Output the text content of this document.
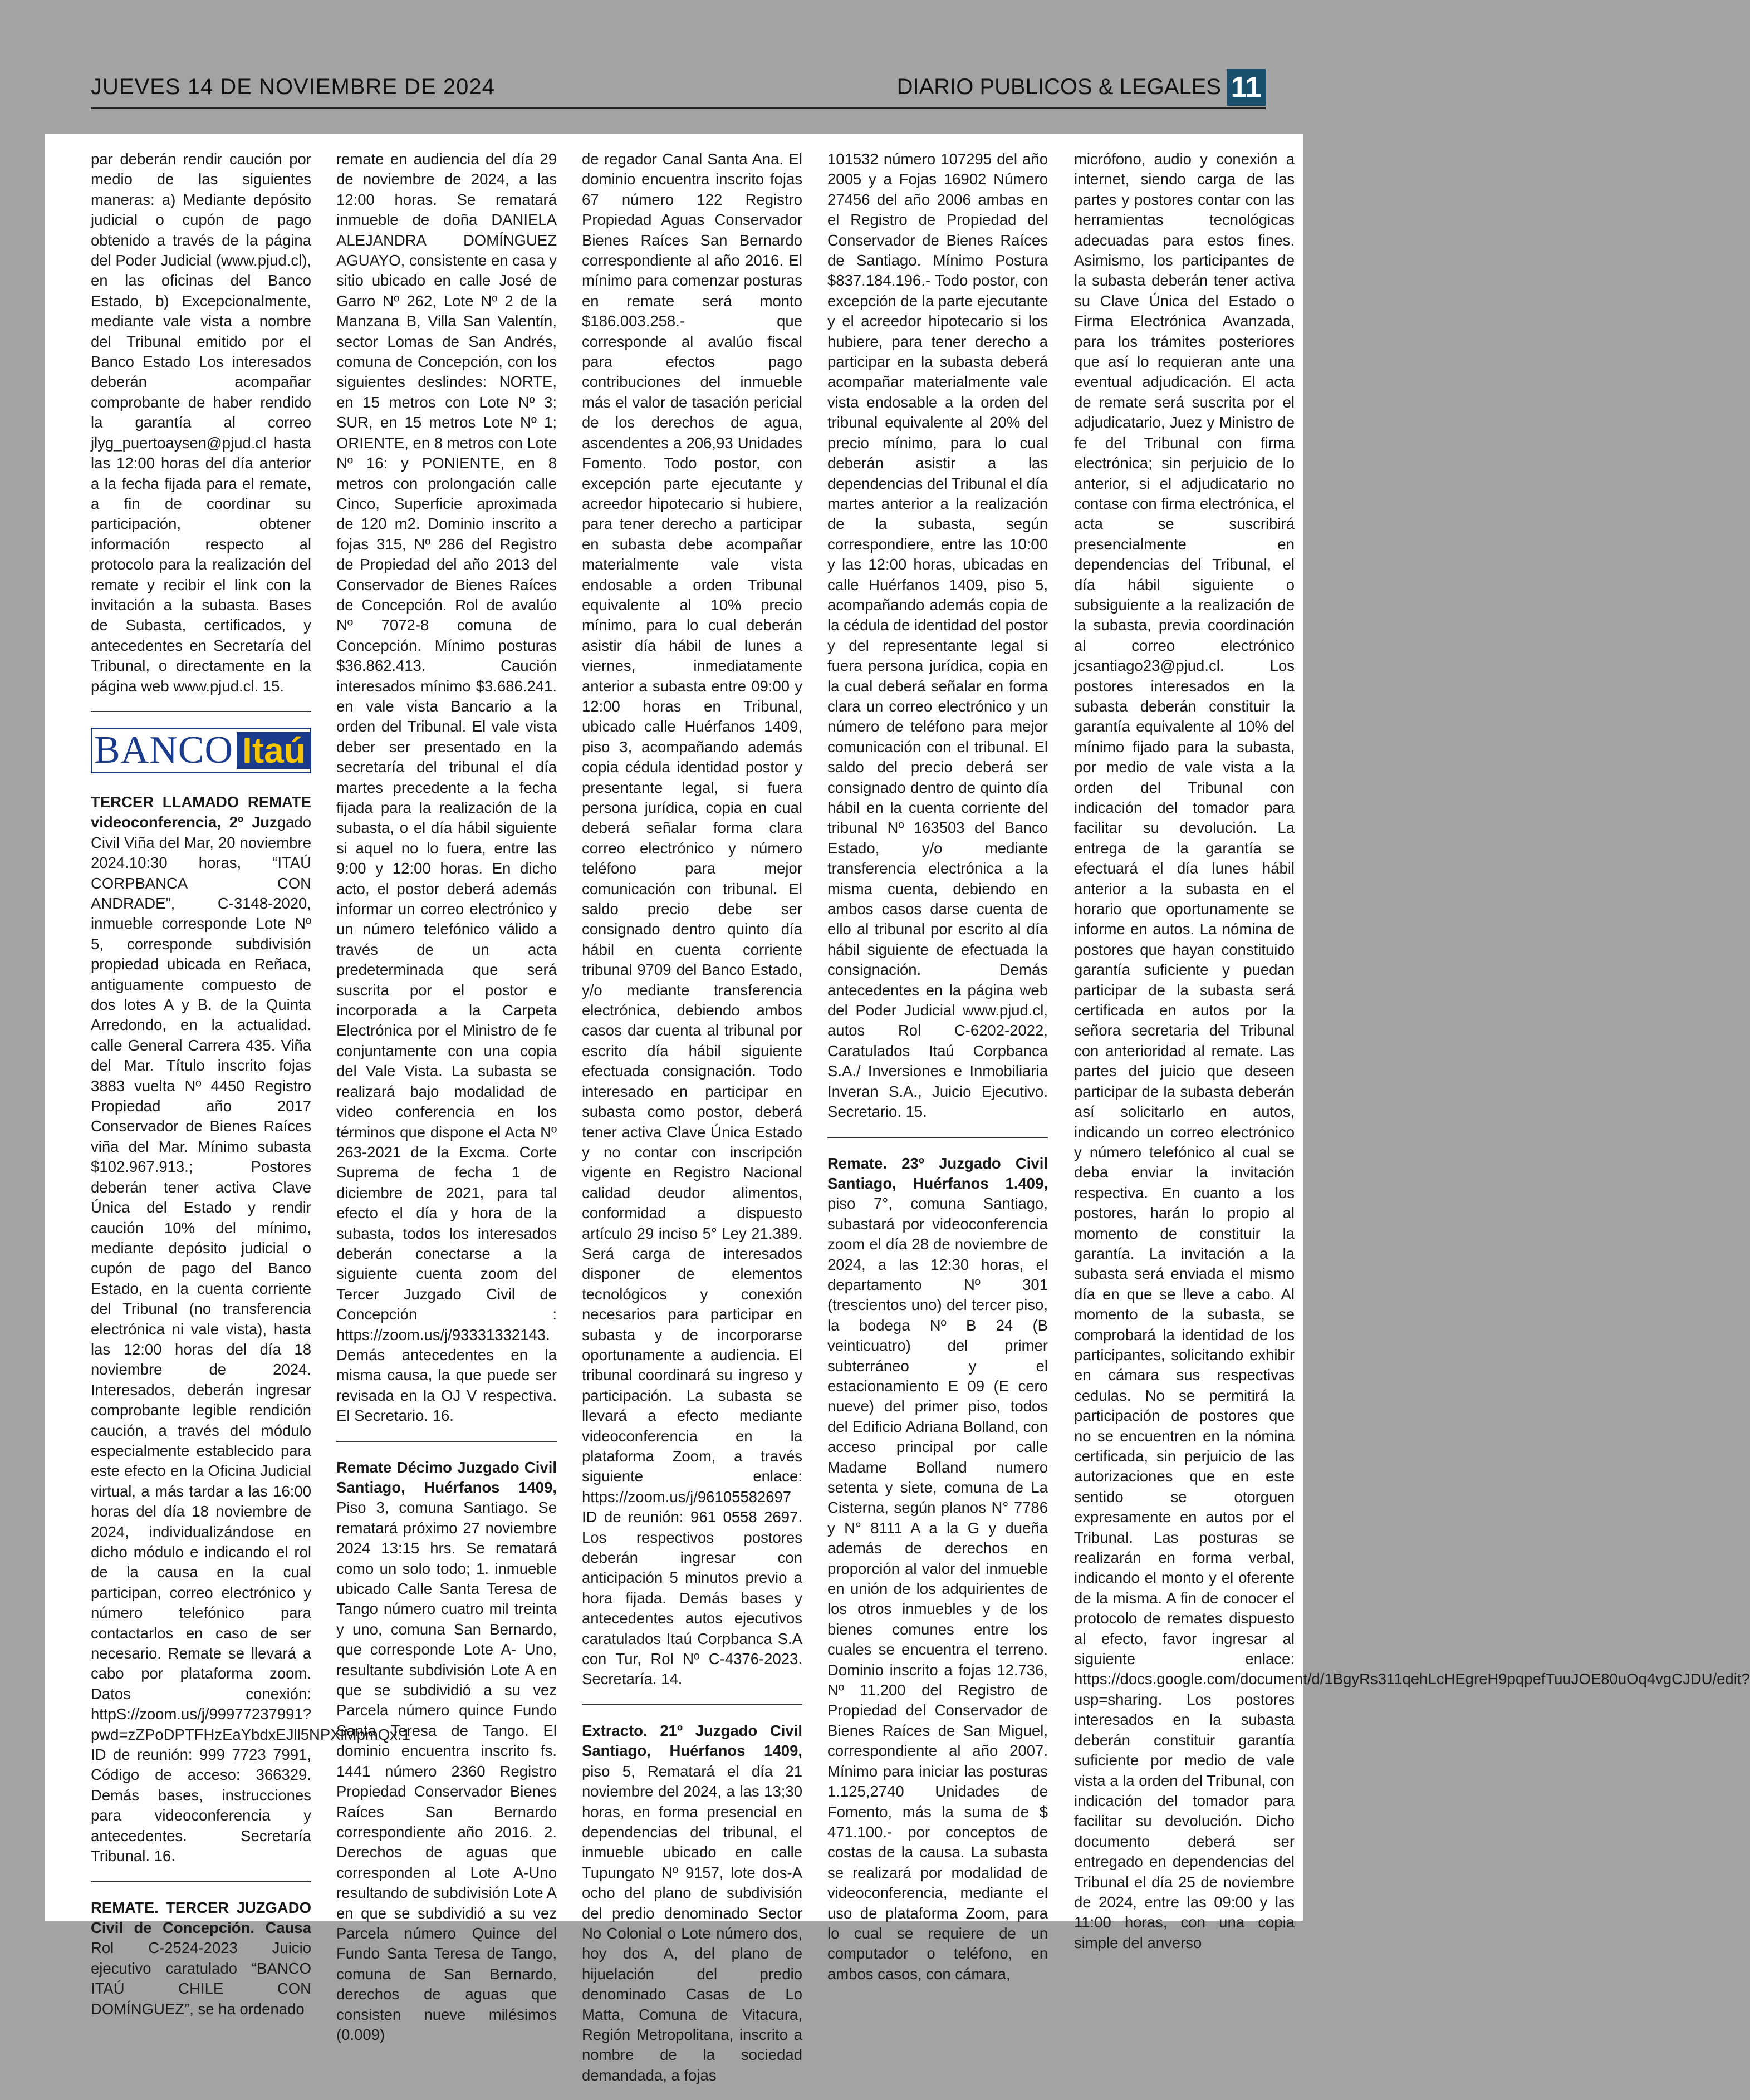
JUEVES 14 DE NOVIEMBRE DE 2024	DIARIO PUBLICOS & LEGALES 11

par deberán rendir caución por medio de las siguientes maneras: a) Mediante depósito judicial o cupón de pago obtenido a través de la página del Poder Judicial (www.pjud.cl), en las oficinas del Banco Estado, b) Excepcionalmente, mediante vale vista a nombre del Tribunal emitido por el Banco Estado Los interesados deberán acompañar comprobante de haber rendido la garantía al correo jlyg_puertoaysen@pjud.cl hasta las 12:00 horas del día anterior a la fecha fijada para el remate, a fin de coordinar su participación, obtener información respecto al protocolo para la realización del remate y recibir el link con la invitación a la subasta. Bases de Subasta, certificados, y antecedentes en Secretaría del Tribunal, o directamente en la página web www.pjud.cl. 15.

BANCO Itaú

TERCER LLAMADO REMATE videoconferencia, 2º Juzgado Civil Viña del Mar, 20 noviembre 2024.10:30 horas, “ITAÚ CORPBANCA CON ANDRADE”, C-3148-2020, inmueble corresponde Lote Nº 5, corresponde subdivisión propiedad ubicada en Reñaca, antiguamente compuesto de dos lotes A y B. de la Quinta Arredondo, en la actualidad. calle General Carrera 435. Viña del Mar. Título inscrito fojas 3883 vuelta Nº 4450 Registro Propiedad año 2017 Conservador de Bienes Raíces viña del Mar. Mínimo subasta $102.967.913.; Postores deberán tener activa Clave Única del Estado y rendir caución 10% del mínimo, mediante depósito judicial o cupón de pago del Banco Estado, en la cuenta corriente del Tribunal (no transferencia electrónica ni vale vista), hasta las 12:00 horas del día 18 noviembre de 2024. Interesados, deberán ingresar comprobante legible rendición caución, a través del módulo especialmente establecido para este efecto en la Oficina Judicial virtual, a más tardar a las 16:00 horas del día 18 noviembre de 2024, individualizándose en dicho módulo e indicando el rol de la causa en la cual participan, correo electrónico y número telefónico para contactarlos en caso de ser necesario. Remate se llevará a cabo por plataforma zoom. Datos conexión: httpS://zoom.us/j/99977237991?pwd=zZPoDPTFHzEaYbdxEJll5NPXlMpmQx.1 ID de reunión: 999 7723 7991, Código de acceso: 366329. Demás bases, instrucciones para videoconferencia y antecedentes. Secretaría Tribunal. 16.

REMATE. TERCER JUZGADO Civil de Concepción. Causa Rol C-2524-2023 Juicio ejecutivo caratulado “BANCO ITAÚ CHILE CON DOMÍNGUEZ”, se ha ordenado

remate en audiencia del día 29 de noviembre de 2024, a las 12:00 horas. Se rematará inmueble de doña DANIELA ALEJANDRA DOMÍNGUEZ AGUAYO, consistente en casa y sitio ubicado en calle José de Garro Nº 262, Lote Nº 2 de la Manzana B, Villa San Valentín, sector Lomas de San Andrés, comuna de Concepción, con los siguientes deslindes: NORTE, en 15 metros con Lote Nº 3; SUR, en 15 metros Lote Nº 1; ORIENTE, en 8 metros con Lote Nº 16: y PONIENTE, en 8 metros con prolongación calle Cinco, Superficie aproximada de 120 m2. Dominio inscrito a fojas 315, Nº 286 del Registro de Propiedad del año 2013 del Conservador de Bienes Raíces de Concepción. Rol de avalúo Nº 7072-8 comuna de Concepción. Mínimo posturas $36.862.413. Caución interesados mínimo $3.686.241. en vale vista Bancario a la orden del Tribunal. El vale vista deber ser presentado en la secretaría del tribunal el día martes precedente a la fecha fijada para la realización de la subasta, o el día hábil siguiente si aquel no lo fuera, entre las 9:00 y 12:00 horas. En dicho acto, el postor deberá además informar un correo electrónico y un número telefónico válido a través de un acta predeterminada que será suscrita por el postor e incorporada a la Carpeta Electrónica por el Ministro de fe conjuntamente con una copia del Vale Vista. La subasta se realizará bajo modalidad de video conferencia en los términos que dispone el Acta Nº 263-2021 de la Excma. Corte Suprema de fecha 1 de diciembre de 2021, para tal efecto el día y hora de la subasta, todos los interesados deberán conectarse a la siguiente cuenta zoom del Tercer Juzgado Civil de Concepción : https://zoom.us/j/93331332143. Demás antecedentes en la misma causa, la que puede ser revisada en la OJ V respectiva. El Secretario. 16.

Remate Décimo Juzgado Civil Santiago, Huérfanos 1409, Piso 3, comuna Santiago. Se rematará próximo 27 noviembre 2024 13:15 hrs. Se rematará como un solo todo; 1. inmueble ubicado Calle Santa Teresa de Tango número cuatro mil treinta y uno, comuna San Bernardo, que corresponde Lote A- Uno, resultante subdivisión Lote A en que se subdividió a su vez Parcela número quince Fundo Santa Teresa de Tango. El dominio encuentra inscrito fs. 1441 número 2360 Registro Propiedad Conservador Bienes Raíces San Bernardo correspondiente año 2016. 2. Derechos de aguas que corresponden al Lote A-Uno resultando de subdivisión Lote A en que se subdividió a su vez Parcela número Quince del Fundo Santa Teresa de Tango, comuna de San Bernardo, derechos de aguas que consisten nueve milésimos (0.009)

de regador Canal Santa Ana. El dominio encuentra inscrito fojas 67 número 122 Registro Propiedad Aguas Conservador Bienes Raíces San Bernardo correspondiente al año 2016. El mínimo para comenzar posturas en remate será monto $186.003.258.- que corresponde al avalúo fiscal para efectos pago contribuciones del inmueble más el valor de tasación pericial de los derechos de agua, ascendentes a 206,93 Unidades Fomento. Todo postor, con excepción parte ejecutante y acreedor hipotecario si hubiere, para tener derecho a participar en subasta debe acompañar materialmente vale vista endosable a orden Tribunal equivalente al 10% precio mínimo, para lo cual deberán asistir día hábil de lunes a viernes, inmediatamente anterior a subasta entre 09:00 y 12:00 horas en Tribunal, ubicado calle Huérfanos 1409, piso 3, acompañando además copia cédula identidad postor y presentante legal, si fuera persona jurídica, copia en cual deberá señalar forma clara correo electrónico y número teléfono para mejor comunicación con tribunal. El saldo precio debe ser consignado dentro quinto día hábil en cuenta corriente tribunal 9709 del Banco Estado, y/o mediante transferencia electrónica, debiendo ambos casos dar cuenta al tribunal por escrito día hábil siguiente efectuada consignación. Todo interesado en participar en subasta como postor, deberá tener activa Clave Única Estado y no contar con inscripción vigente en Registro Nacional calidad deudor alimentos, conformidad a dispuesto artículo 29 inciso 5° Ley 21.389. Será carga de interesados disponer de elementos tecnológicos y conexión necesarios para participar en subasta y de incorporarse oportunamente a audiencia. El tribunal coordinará su ingreso y participación. La subasta se llevará a efecto mediante videoconferencia en la plataforma Zoom, a través siguiente enlace: https://zoom.us/j/96105582697 ID de reunión: 961 0558 2697. Los respectivos postores deberán ingresar con anticipación 5 minutos previo a hora fijada. Demás bases y antecedentes autos ejecutivos caratulados Itaú Corpbanca S.A con Tur, Rol Nº C-4376-2023. Secretaría. 14.

Extracto. 21º Juzgado Civil Santiago, Huérfanos 1409, piso 5, Rematará el día 21 noviembre del 2024, a las 13;30 horas, en forma presencial en dependencias del tribunal, el inmueble ubicado en calle Tupungato Nº 9157, lote dos-A ocho del plano de subdivisión del predio denominado Sector No Colonial o Lote número dos, hoy dos A, del plano de hijuelación del predio denominado Casas de Lo Matta, Comuna de Vitacura, Región Metropolitana, inscrito a nombre de la sociedad demandada, a fojas

101532 número 107295 del año 2005 y a Fojas 16902 Número 27456 del año 2006 ambas en el Registro de Propiedad del Conservador de Bienes Raíces de Santiago. Mínimo Postura $837.184.196.- Todo postor, con excepción de la parte ejecutante y el acreedor hipotecario si los hubiere, para tener derecho a participar en la subasta deberá acompañar materialmente vale vista endosable a la orden del tribunal equivalente al 20% del precio mínimo, para lo cual deberán asistir a las dependencias del Tribunal el día martes anterior a la realización de la subasta, según correspondiere, entre las 10:00 y las 12:00 horas, ubicadas en calle Huérfanos 1409, piso 5, acompañando además copia de la cédula de identidad del postor y del representante legal si fuera persona jurídica, copia en la cual deberá señalar en forma clara un correo electrónico y un número de teléfono para mejor comunicación con el tribunal. El saldo del precio deberá ser consignado dentro de quinto día hábil en la cuenta corriente del tribunal Nº 163503 del Banco Estado, y/o mediante transferencia electrónica a la misma cuenta, debiendo en ambos casos darse cuenta de ello al tribunal por escrito al día hábil siguiente de efectuada la consignación. Demás antecedentes en la página web del Poder Judicial www.pjud.cl, autos Rol C-6202-2022, Caratulados Itaú Corpbanca S.A./ Inversiones e Inmobiliaria Inveran S.A., Juicio Ejecutivo. Secretario. 15.

Remate. 23º Juzgado Civil Santiago, Huérfanos 1.409, piso 7°, comuna Santiago, subastará por videoconferencia zoom el día 28 de noviembre de 2024, a las 12:30 horas, el departamento Nº 301 (trescientos uno) del tercer piso, la bodega Nº B 24 (B veinticuatro) del primer subterráneo y el estacionamiento E 09 (E cero nueve) del primer piso, todos del Edificio Adriana Bolland, con acceso principal por calle Madame Bolland numero setenta y siete, comuna de La Cisterna, según planos N° 7786 y N° 8111 A a la G y dueña además de derechos en proporción al valor del inmueble en unión de los adquirientes de los otros inmuebles y de los bienes comunes entre los cuales se encuentra el terreno. Dominio inscrito a fojas 12.736, Nº 11.200 del Registro de Propiedad del Conservador de Bienes Raíces de San Miguel, correspondiente al año 2007. Mínimo para iniciar las posturas 1.125,2740 Unidades de Fomento, más la suma de $ 471.100.- por conceptos de costas de la causa. La subasta se realizará por modalidad de videoconferencia, mediante el uso de plataforma Zoom, para lo cual se requiere de un computador o teléfono, en ambos casos, con cámara,

micrófono, audio y conexión a internet, siendo carga de las partes y postores contar con las herramientas tecnológicas adecuadas para estos fines. Asimismo, los participantes de la subasta deberán tener activa su Clave Única del Estado o Firma Electrónica Avanzada, para los trámites posteriores que así lo requieran ante una eventual adjudicación. El acta de remate será suscrita por el adjudicatario, Juez y Ministro de fe del Tribunal con firma electrónica; sin perjuicio de lo anterior, si el adjudicatario no contase con firma electrónica, el acta se suscribirá presencialmente en dependencias del Tribunal, el día hábil siguiente o subsiguiente a la realización de la subasta, previa coordinación al correo electrónico jcsantiago23@pjud.cl. Los postores interesados en la subasta deberán constituir la garantía equivalente al 10% del mínimo fijado para la subasta, por medio de vale vista a la orden del Tribunal con indicación del tomador para facilitar su devolución. La entrega de la garantía se efectuará el día lunes hábil anterior a la subasta en el horario que oportunamente se informe en autos. La nómina de postores que hayan constituido garantía suficiente y puedan participar de la subasta será certificada en autos por la señora secretaria del Tribunal con anterioridad al remate. Las partes del juicio que deseen participar de la subasta deberán así solicitarlo en autos, indicando un correo electrónico y número telefónico al cual se deba enviar la invitación respectiva. En cuanto a los postores, harán lo propio al momento de constituir la garantía. La invitación a la subasta será enviada el mismo día en que se lleve a cabo. Al momento de la subasta, se comprobará la identidad de los participantes, solicitando exhibir en cámara sus respectivas cedulas. No se permitirá la participación de postores que no se encuentren en la nómina certificada, sin perjuicio de las autorizaciones que en este sentido se otorguen expresamente en autos por el Tribunal. Las posturas se realizarán en forma verbal, indicando el monto y el oferente de la misma. A fin de conocer el protocolo de remates dispuesto al efecto, favor ingresar al siguiente enlace: https://docs.google.com/document/d/1BgyRs311qehLcHEgreH9pqpefTuuJOE80uOq4vgCJDU/edit?usp=sharing. Los postores interesados en la subasta deberán constituir garantía suficiente por medio de vale vista a la orden del Tribunal, con indicación del tomador para facilitar su devolución. Dicho documento deberá ser entregado en dependencias del Tribunal el día 25 de noviembre de 2024, entre las 09:00 y las 11:00 horas, con una copia simple del anverso
